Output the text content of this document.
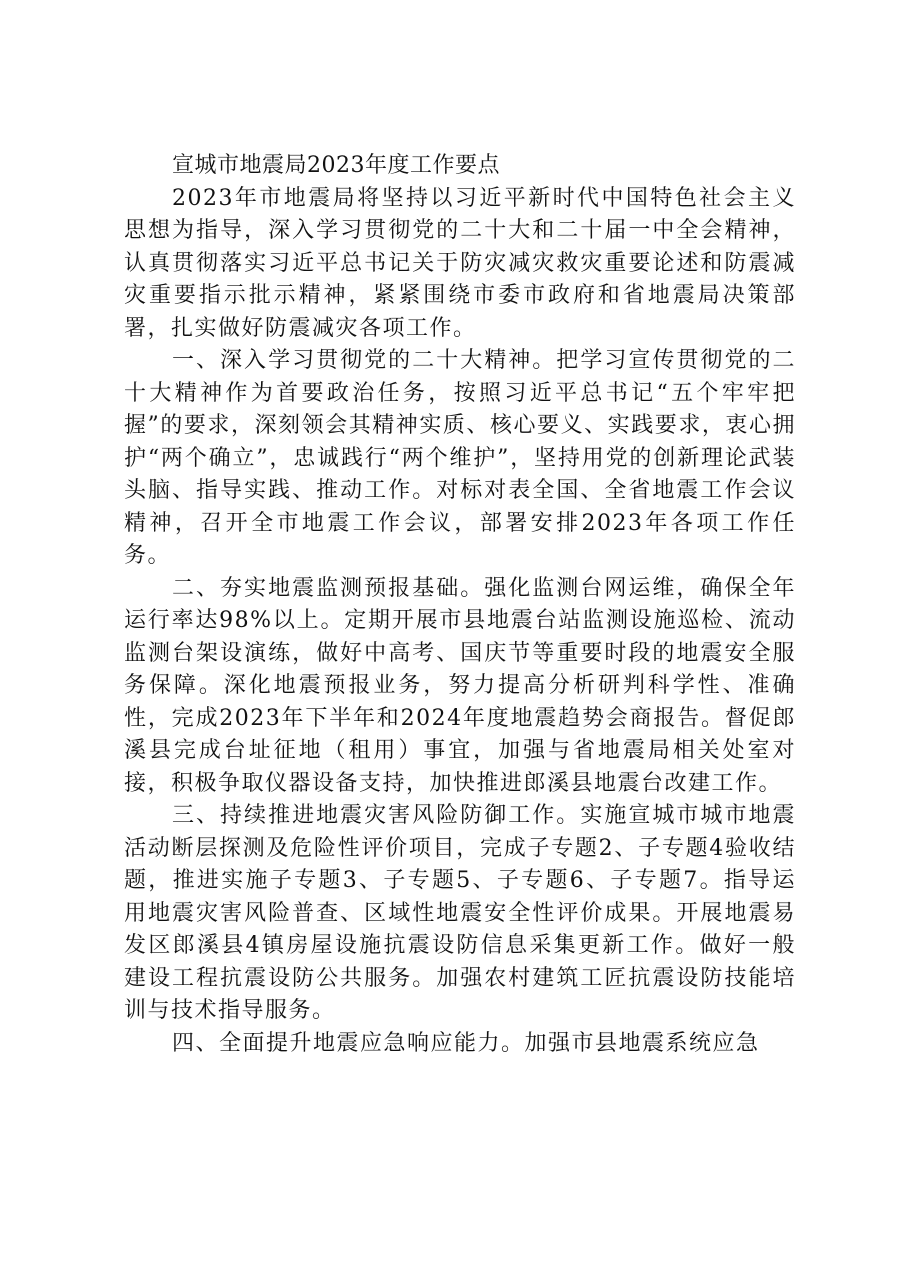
宣城市地震局2023年度工作要点

2023年市地震局将坚持以习近平新时代中国特色社会主义思想为指导，深入学习贯彻党的二十大和二十届一中全会精神，认真贯彻落实习近平总书记关于防灾减灾救灾重要论述和防震减灾重要指示批示精神，紧紧围绕市委市政府和省地震局决策部署，扎实做好防震减灾各项工作。

一、深入学习贯彻党的二十大精神。把学习宣传贯彻党的二十大精神作为首要政治任务，按照习近平总书记“五个牢牢把握”的要求，深刻领会其精神实质、核心要义、实践要求，衷心拥护“两个确立”，忠诚践行“两个维护”，坚持用党的创新理论武装头脑、指导实践、推动工作。对标对表全国、全省地震工作会议精神，召开全市地震工作会议，部署安排2023年各项工作任务。

二、夯实地震监测预报基础。强化监测台网运维，确保全年运行率达98%以上。定期开展市县地震台站监测设施巡检、流动监测台架设演练，做好中高考、国庆节等重要时段的地震安全服务保障。深化地震预报业务，努力提高分析研判科学性、准确性，完成2023年下半年和2024年度地震趋势会商报告。督促郎溪县完成台址征地（租用）事宜，加强与省地震局相关处室对接，积极争取仪器设备支持，加快推进郎溪县地震台改建工作。

三、持续推进地震灾害风险防御工作。实施宣城市城市地震活动断层探测及危险性评价项目，完成子专题2、子专题4验收结题，推进实施子专题3、子专题5、子专题6、子专题7。指导运用地震灾害风险普查、区域性地震安全性评价成果。开展地震易发区郎溪县4镇房屋设施抗震设防信息采集更新工作。做好一般建设工程抗震设防公共服务。加强农村建筑工匠抗震设防技能培训与技术指导服务。

四、全面提升地震应急响应能力。加强市县地震系统应急
